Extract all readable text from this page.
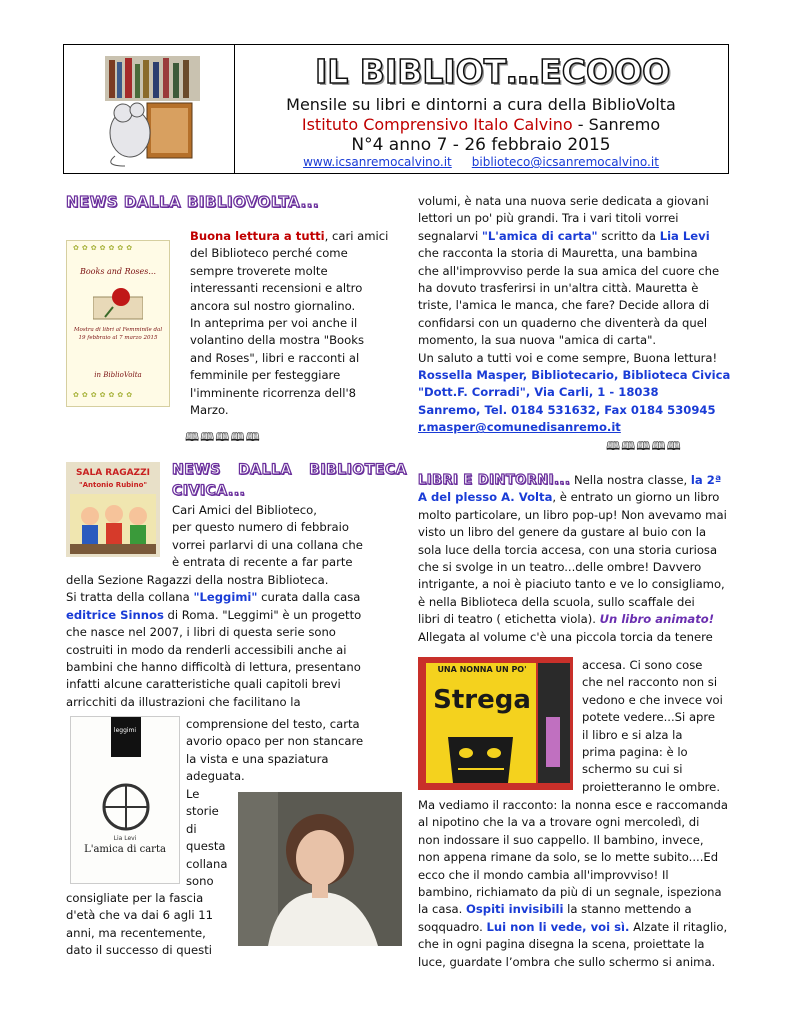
IL BIBLIOT…ECOOO
Mensile su libri e dintorni a cura della BiblioVolta
Istituto Comprensivo Italo Calvino - Sanremo
N°4 anno 7 - 26 febbraio 2015
www.icsanremocalvino.it biblioteco@icsanremocalvino.it
NEWS DALLA BIBLIOVOLTA...
✿✿✿✿✿✿✿
Books and Roses...
Mostra di libri al Femminile dal 19 febbraio al 7 marzo 2015
in BiblioVolta
✿✿✿✿✿✿✿
Buona lettura a tutti, cari amici
del Biblioteco perché come
sempre troverete molte
interessanti recensioni e altro
ancora sul nostro giornalino.
In anteprima per voi anche il
volantino della mostra "Books
and Roses", libri e racconti al
femminile per festeggiare
l'imminente ricorrenza dell'8
Marzo.
🕮🕮🕮🕮🕮
SALA RAGAZZI
"Antonio Rubino"
NEWS DALLA BIBLIOTECA
CIVICA...
Cari Amici del Biblioteco,
per questo numero di febbraio
vorrei parlarvi di una collana che
è entrata di recente a far parte
della Sezione Ragazzi della nostra Biblioteca.
Si tratta della collana "Leggimi" curata dalla casa
editrice Sinnos di Roma. "Leggimi" è un progetto
che nasce nel 2007, i libri di questa serie sono
costruiti in modo da renderli accessibili anche ai
bambini che hanno difficoltà di lettura, presentano
infatti alcune caratteristiche quali capitoli brevi
arricchiti da illustrazioni che facilitano la
leggimi
Lia Levi
L'amica di carta
comprensione del testo, carta
avorio opaco per non stancare
la vista e una spaziatura
adeguata.
Le
storie
di
questa
collana
sono
consigliate per la fascia
d'età che va dai 6 agli 11
anni, ma recentemente,
dato il successo di questi
volumi, è nata una nuova serie dedicata a giovani
lettori un po' più grandi. Tra i vari titoli vorrei
segnalarvi "L'amica di carta" scritto da Lia Levi
che racconta la storia di Mauretta, una bambina
che all'improvviso perde la sua amica del cuore che
ha dovuto trasferirsi in un'altra città. Mauretta è
triste, l'amica le manca, che fare? Decide allora di
confidarsi con un quaderno che diventerà da quel
momento, la sua nuova "amica di carta".
Un saluto a tutti voi e come sempre, Buona lettura!
Rossella Masper, Bibliotecario, Biblioteca Civica
"Dott.F. Corradi", Via Carli, 1 - 18038
Sanremo, Tel. 0184 531632, Fax 0184 530945
r.masper@comunedisanremo.it
🕮🕮🕮🕮🕮
LIBRI E DINTORNI... Nella nostra classe, la 2ª
A del plesso A. Volta, è entrato un giorno un libro
molto particolare, un libro pop-up! Non avevamo mai
visto un libro del genere da gustare al buio con la
sola luce della torcia accesa, con una storia curiosa
che si svolge in un teatro...delle ombre! Davvero
intrigante, a noi è piaciuto tanto e ve lo consigliamo,
è nella Biblioteca della scuola, sullo scaffale dei
libri di teatro ( etichetta viola). Un libro animato!
Allegata al volume c'è una piccola torcia da tenere
UNA NONNA UN PO'
Strega
accesa. Ci sono cose
che nel racconto non si
vedono e che invece voi
potete vedere...Si apre
il libro e si alza la
prima pagina: è lo
schermo su cui si
proietteranno le ombre.
Ma vediamo il racconto: la nonna esce e raccomanda
al nipotino che la va a trovare ogni mercoledì, di
non indossare il suo cappello. Il bambino, invece,
non appena rimane da solo, se lo mette subito....Ed
ecco che il mondo cambia all'improvviso! Il
bambino, richiamato da più di un segnale, ispeziona
la casa. Ospiti invisibili la stanno mettendo a
soqquadro. Lui non li vede, voi sì. Alzate il ritaglio,
che in ogni pagina disegna la scena, proiettate la
luce, guardate l’ombra che sullo schermo si anima.
